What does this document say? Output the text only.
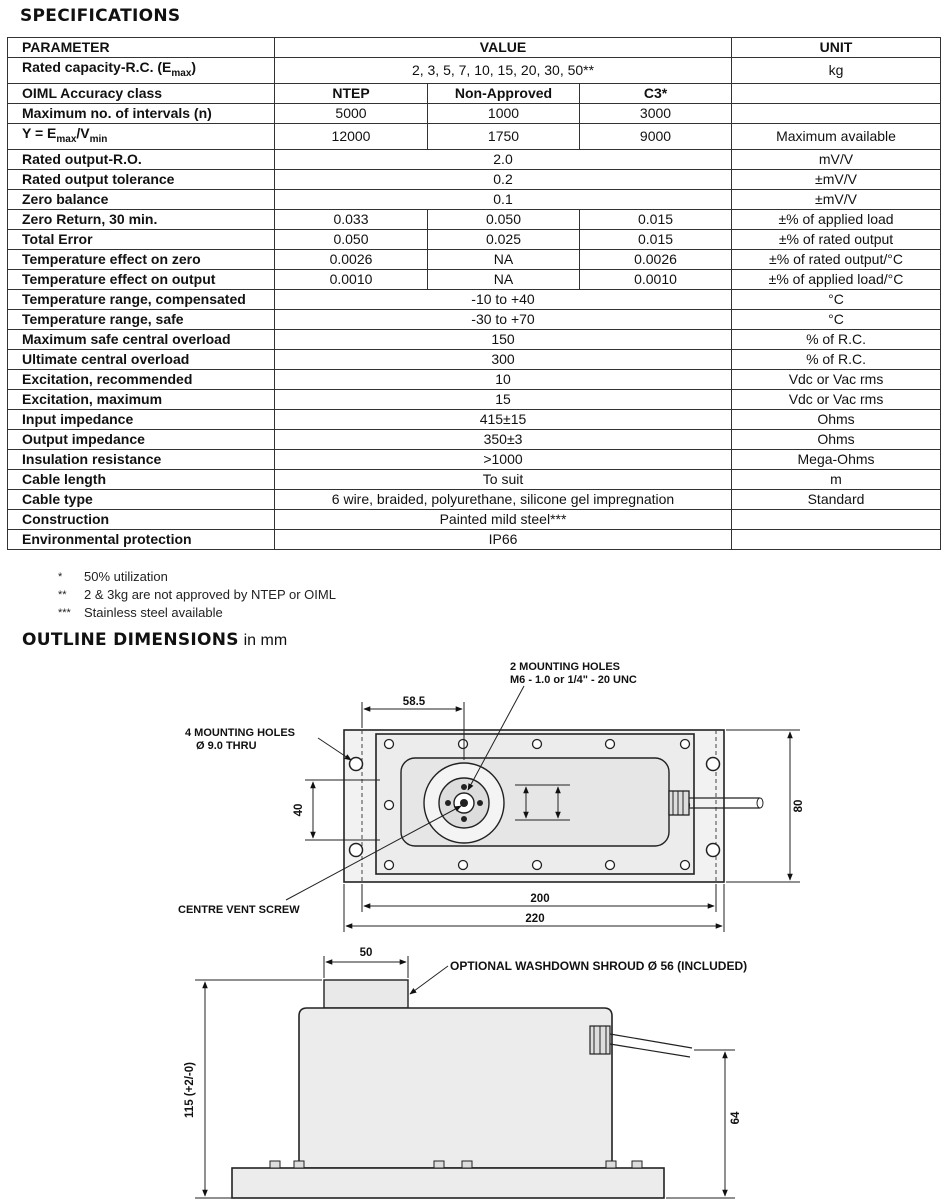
SPECIFICATIONS
PARAMETER	VALUE			UNIT
Rated capacity-R.C. $(E_{max})$	2, 3, 5, 7, 10, 15, 20, 30, 50**			kg
OIML Accuracy class	NTEP	Non-Approved	C3*	
Maximum no. of intervals (n)	5000	1000	3000	
$Y = E_{max}/V_{min}$	12000	1750	9000	Maximum available
Rated output-R.O.	2.0			mV/V
Rated output tolerance	0.2			±mV/V
Zero balance	0.1			±mV/V
Zero Return, 30 min.	0.033	0.050	0.015	±% of applied load
Total Error	0.050	0.025	0.015	±% of rated output
Temperature effect on zero	0.0026	NA	0.0026	±% of rated output/°C
Temperature effect on output	0.0010	NA	0.0010	±% of applied load/°C
Temperature range, compensated	-10 to +40			°C
Temperature range, safe	-30 to +70			°C
Maximum safe central overload	150			% of R.C.
Ultimate central overload	300			% of R.C.
Excitation, recommended	10			Vdc or Vac rms
Excitation, maximum	15			Vdc or Vac rms
Input impedance	415±15			Ohms
Output impedance	350±3			Ohms
Insulation resistance	>1000			Mega-Ohms
Cable length	To suit			m
Cable type	6 wire, braided, polyurethane, silicone gel impregnation			Standard
Construction	Painted mild steel***			
Environmental protection	IP66			
* 50% utilization
** 2 & 3kg are not approved by NTEP or OIML
*** Stainless steel available
OUTLINE DIMENSIONS in mm
58.5
2 MOUNTING HOLES
M6 - 1.0 or 1/4" - 20 UNC
4 MOUNTING HOLES
Ø 9.0 THRU
40	80
200
220
CENTRE VENT SCREW
50
OPTIONAL WASHDOWN SHROUD Ø 56 (INCLUDED)
115 (+2/-0)
64
